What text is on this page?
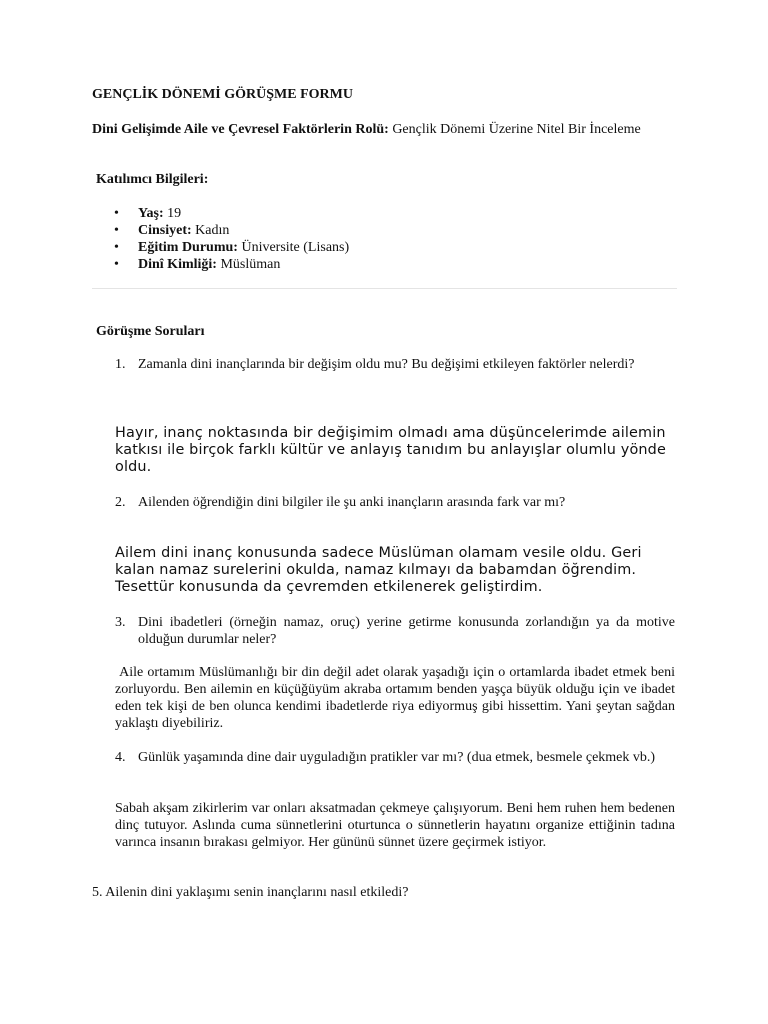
GENÇLİK DÖNEMİ GÖRÜŞME FORMU
Dini Gelişimde Aile ve Çevresel Faktörlerin Rolü: Gençlik Dönemi Üzerine Nitel Bir İnceleme
Katılımcı Bilgileri:
• Yaş: 19
• Cinsiyet: Kadın
• Eğitim Durumu: Üniversite (Lisans)
• Dinî Kimliği: Müslüman
Görüşme Soruları
1. Zamanla dini inançlarında bir değişim oldu mu? Bu değişimi etkileyen faktörler nelerdi?
Hayır, inanç noktasında bir değişimim olmadı ama düşüncelerimde ailemin katkısı ile birçok farklı kültür ve anlayış tanıdım bu anlayışlar olumlu yönde oldu.
2. Ailenden öğrendiğin dini bilgiler ile şu anki inançların arasında fark var mı?
Ailem dini inanç konusunda sadece Müslüman olamam vesile oldu. Geri kalan namaz surelerini okulda, namaz kılmayı da babamdan öğrendim. Tesettür konusunda da çevremden etkilenerek geliştirdim.
3. Dini ibadetleri (örneğin namaz, oruç) yerine getirme konusunda zorlandığın ya da motive olduğun durumlar neler?
Aile ortamım Müslümanlığı bir din değil adet olarak yaşadığı için o ortamlarda ibadet etmek beni zorluyordu. Ben ailemin en küçüğüyüm akraba ortamım benden yaşça büyük olduğu için ve ibadet eden tek kişi de ben olunca kendimi ibadetlerde riya ediyormuş gibi hissettim. Yani şeytan sağdan yaklaştı diyebiliriz.
4. Günlük yaşamında dine dair uyguladığın pratikler var mı? (dua etmek, besmele çekmek vb.)
Sabah akşam zikirlerim var onları aksatmadan çekmeye çalışıyorum. Beni hem ruhen hem bedenen dinç tutuyor. Aslında cuma sünnetlerini oturtunca o sünnetlerin hayatını organize ettiğinin tadına varınca insanın bırakası gelmiyor. Her gününü sünnet üzere geçirmek istiyor.
5. Ailenin dini yaklaşımı senin inançlarını nasıl etkiledi?
